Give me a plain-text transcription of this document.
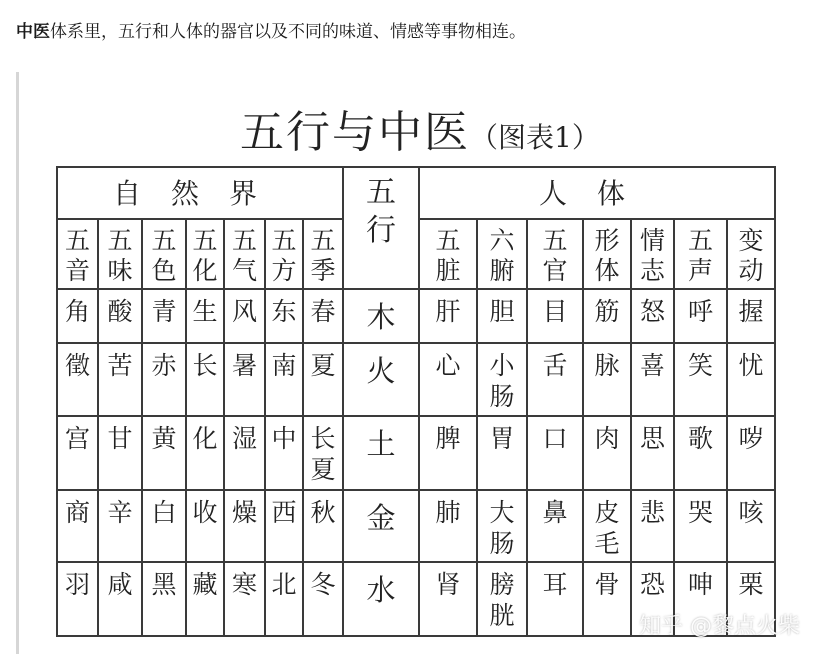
中医体系里，五行和人体的器官以及不同的味道、情感等事物相连。
五行与中医（图表1）
自然界							五行	人体						
五音	五味	五色	五化	五气	五方	五季		五脏	六腑	五官	形体	情志	五声	变动
角	酸	青	生	风	东	春	木	肝	胆	目	筋	怒	呼	握
徵	苦	赤	长	暑	南	夏	火	心	小肠	舌	脉	喜	笑	忧
宫	甘	黄	化	湿	中	长夏	土	脾	胃	口	肉	思	歌	哕
商	辛	白	收	燥	西	秋	金	肺	大肠	鼻	皮毛	悲	哭	咳
羽	咸	黑	藏	寒	北	冬	水	肾	膀胱	耳	骨	恐	呻	栗
知乎 @黎点火柴
